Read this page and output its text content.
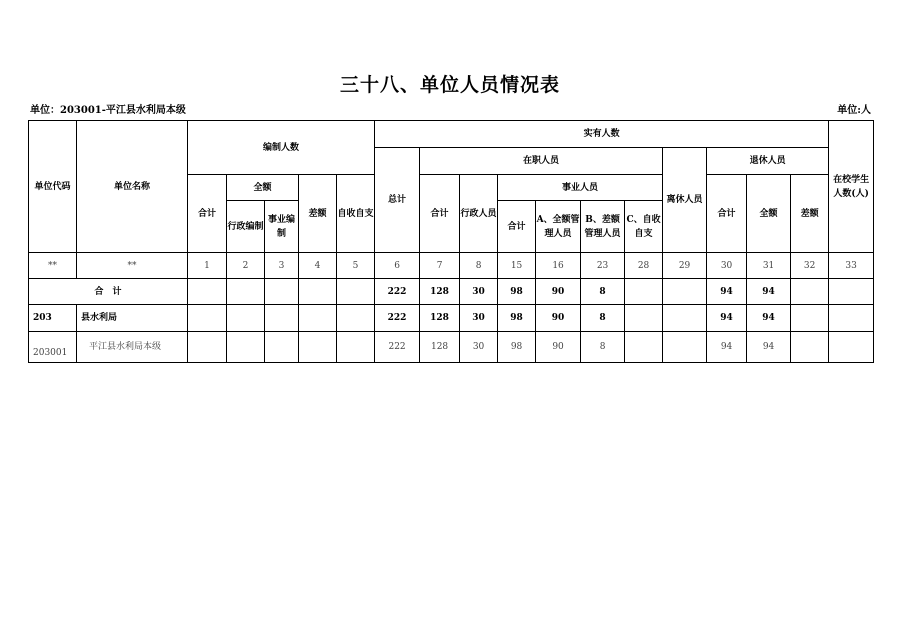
三十八、单位人员情况表
单位：203001-平江县水利局本级	单位:人
单位代码	单位名称	编制人数					实有人数											在校学生人数(人)
							总计	在职人员						离休人员	退休人员			
		合计	全额		差额	自收自支		合计	行政人员	事业人员					合计	全额	差额	
			行政编制	事业编制						合计	A、全额管理人员	B、差额管理人员	C、自收自支					

**	**	1	2	3	4	5	6	7	8	15	16	23	28	29	30	31	32	33
合　计							222	128	30	98	90	8			94	94		
203	县水利局						222	128	30	98	90	8			94	94		
203001	平江县水利局本级						222	128	30	98	90	8			94	94		
